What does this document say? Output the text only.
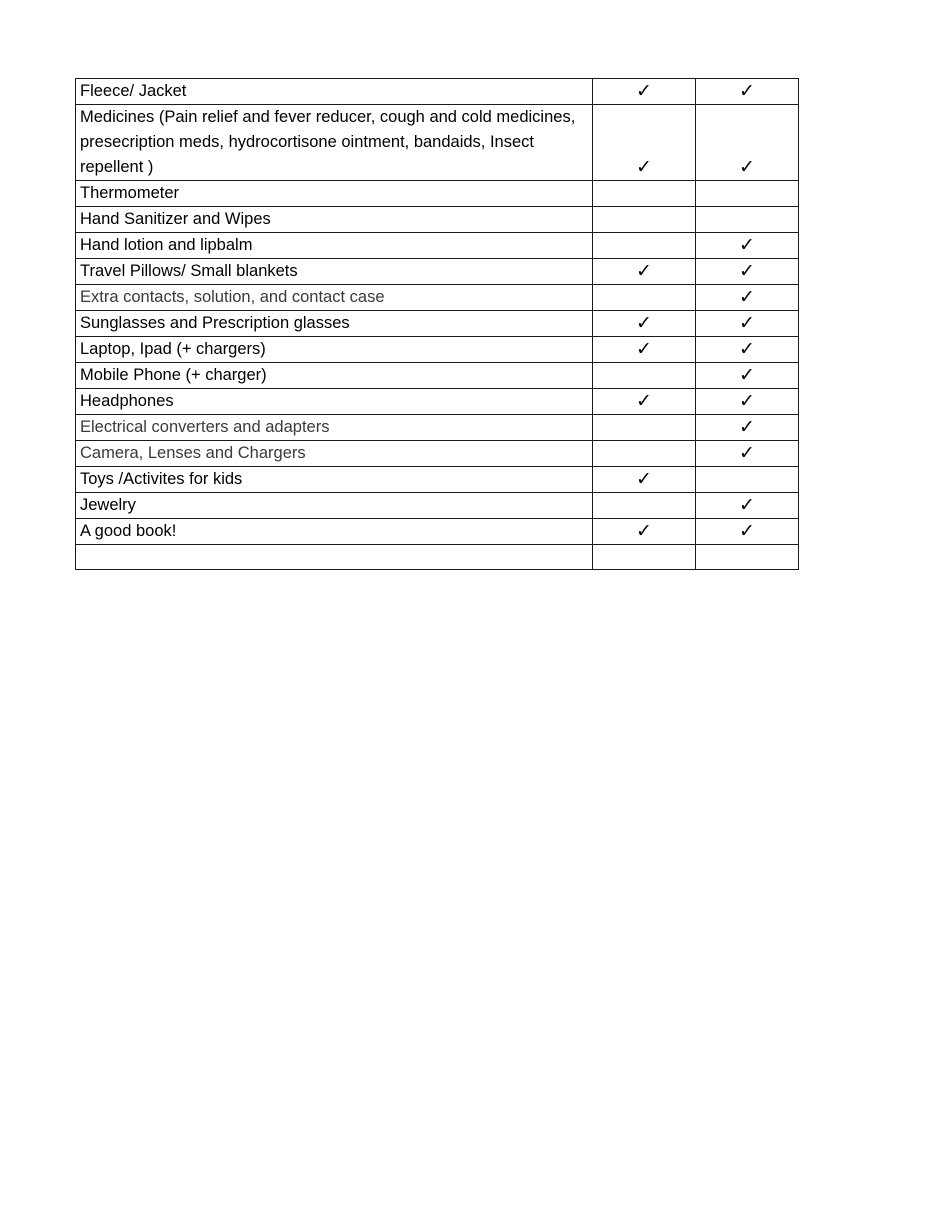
Fleece/ Jacket	✓	✓
Medicines (Pain relief and fever reducer, cough and cold medicines, presecription meds, hydrocortisone ointment, bandaids, Insect repellent )	✓	✓
Thermometer		
Hand Sanitizer and Wipes		
Hand lotion and lipbalm		✓
Travel Pillows/ Small blankets	✓	✓
Extra contacts, solution, and contact case		✓
Sunglasses and Prescription glasses	✓	✓
Laptop, Ipad (+ chargers)	✓	✓
Mobile Phone (+ charger)		✓
Headphones	✓	✓
Electrical converters and adapters		✓
Camera, Lenses and Chargers		✓
Toys /Activites for kids	✓	
Jewelry		✓
A good book!	✓	✓
